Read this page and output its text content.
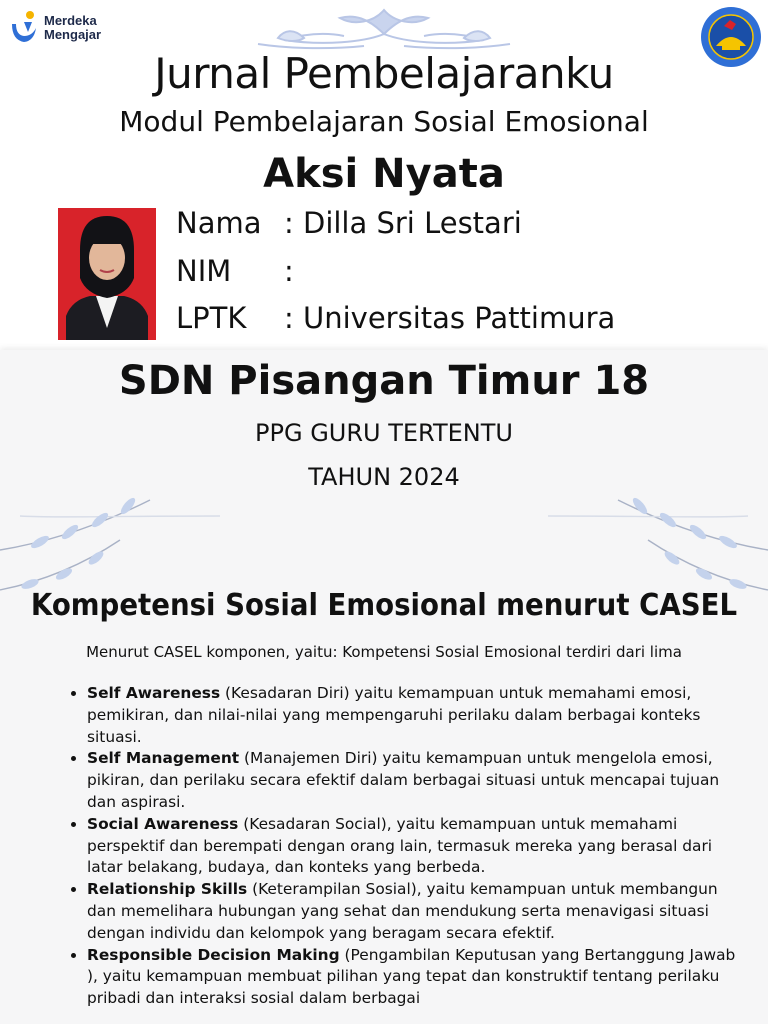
Merdeka
Mengajar
Jurnal Pembelajaranku
Modul Pembelajaran Sosial Emosional
Aksi Nyata
Nama : Dilla Sri Lestari
NIM :
LPTK : Universitas Pattimura
SDN Pisangan Timur 18
PPG GURU TERTENTU
TAHUN 2024
Kompetensi Sosial Emosional menurut CASEL
Menurut CASEL komponen, yaitu: Kompetensi Sosial Emosional terdiri dari lima
• Self Awareness (Kesadaran Diri) yaitu kemampuan untuk memahami emosi, pemikiran, dan nilai-nilai yang mempengaruhi perilaku dalam berbagai konteks situasi.
• Self Management (Manajemen Diri) yaitu kemampuan untuk mengelola emosi, pikiran, dan perilaku secara efektif dalam berbagai situasi untuk mencapai tujuan dan aspirasi.
• Social Awareness (Kesadaran Social), yaitu kemampuan untuk memahami perspektif dan berempati dengan orang lain, termasuk mereka yang berasal dari latar belakang, budaya, dan konteks yang berbeda.
• Relationship Skills (Keterampilan Sosial), yaitu kemampuan untuk membangun dan memelihara hubungan yang sehat dan mendukung serta menavigasi situasi dengan individu dan kelompok yang beragam secara efektif.
• Responsible Decision Making (Pengambilan Keputusan yang Bertanggung Jawab ), yaitu kemampuan membuat pilihan yang tepat dan konstruktif tentang perilaku pribadi dan interaksi sosial dalam berbagai
